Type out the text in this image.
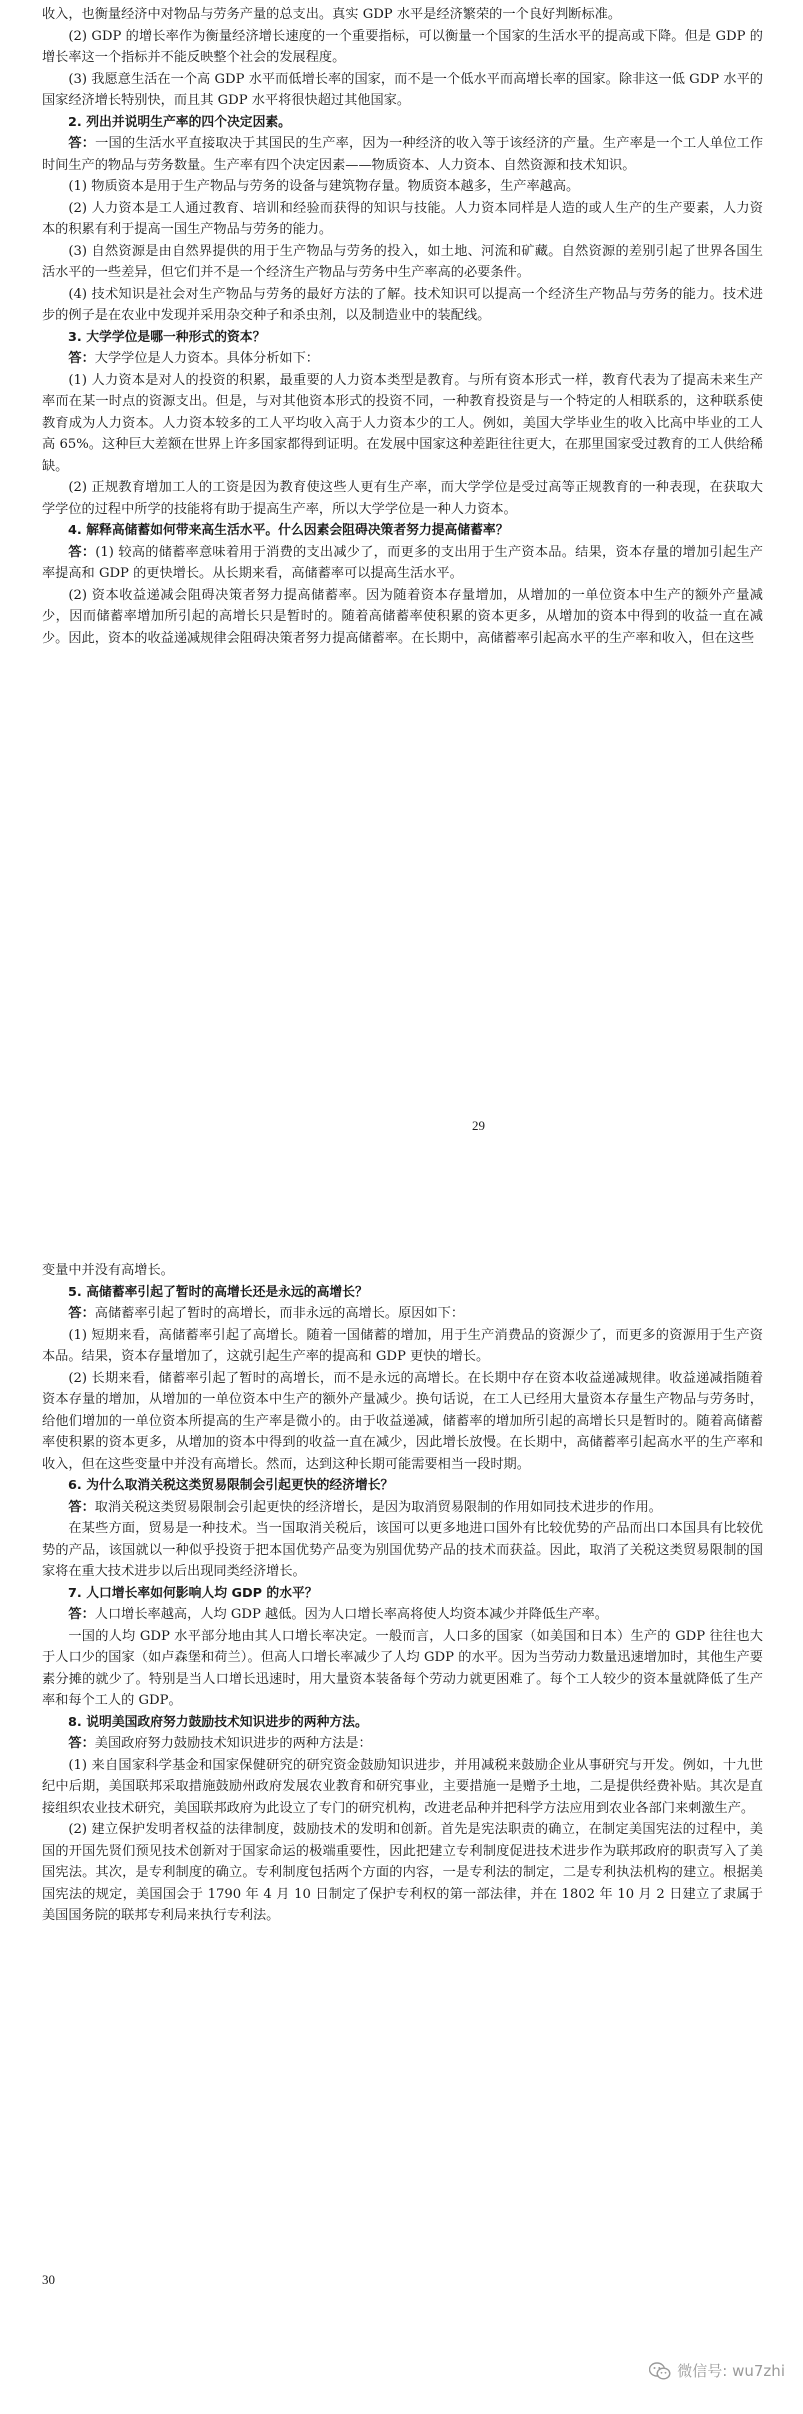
收入，也衡量经济中对物品与劳务产量的总支出。真实 GDP 水平是经济繁荣的一个良好判断标准。

(2) GDP 的增长率作为衡量经济增长速度的一个重要指标，可以衡量一个国家的生活水平的提高或下降。但是 GDP 的增长率这一个指标并不能反映整个社会的发展程度。

(3) 我愿意生活在一个高 GDP 水平而低增长率的国家，而不是一个低水平而高增长率的国家。除非这一低 GDP 水平的国家经济增长特别快，而且其 GDP 水平将很快超过其他国家。

2. 列出并说明生产率的四个决定因素。

答：一国的生活水平直接取决于其国民的生产率，因为一种经济的收入等于该经济的产量。生产率是一个工人单位工作时间生产的物品与劳务数量。生产率有四个决定因素——物质资本、人力资本、自然资源和技术知识。

(1) 物质资本是用于生产物品与劳务的设备与建筑物存量。物质资本越多，生产率越高。

(2) 人力资本是工人通过教育、培训和经验而获得的知识与技能。人力资本同样是人造的或人生产的生产要素，人力资本的积累有利于提高一国生产物品与劳务的能力。

(3) 自然资源是由自然界提供的用于生产物品与劳务的投入，如土地、河流和矿藏。自然资源的差别引起了世界各国生活水平的一些差异，但它们并不是一个经济生产物品与劳务中生产率高的必要条件。

(4) 技术知识是社会对生产物品与劳务的最好方法的了解。技术知识可以提高一个经济生产物品与劳务的能力。技术进步的例子是在农业中发现并采用杂交种子和杀虫剂，以及制造业中的装配线。

3. 大学学位是哪一种形式的资本？

答：大学学位是人力资本。具体分析如下：

(1) 人力资本是对人的投资的积累，最重要的人力资本类型是教育。与所有资本形式一样，教育代表为了提高未来生产率而在某一时点的资源支出。但是，与对其他资本形式的投资不同，一种教育投资是与一个特定的人相联系的，这种联系使教育成为人力资本。人力资本较多的工人平均收入高于人力资本少的工人。例如，美国大学毕业生的收入比高中毕业的工人高 65%。这种巨大差额在世界上许多国家都得到证明。在发展中国家这种差距往往更大，在那里国家受过教育的工人供给稀缺。

(2) 正规教育增加工人的工资是因为教育使这些人更有生产率，而大学学位是受过高等正规教育的一种表现，在获取大学学位的过程中所学的技能将有助于提高生产率，所以大学学位是一种人力资本。

4. 解释高储蓄如何带来高生活水平。什么因素会阻碍决策者努力提高储蓄率？

答：(1) 较高的储蓄率意味着用于消费的支出减少了，而更多的支出用于生产资本品。结果，资本存量的增加引起生产率提高和 GDP 的更快增长。从长期来看，高储蓄率可以提高生活水平。

(2) 资本收益递减会阻碍决策者努力提高储蓄率。因为随着资本存量增加，从增加的一单位资本中生产的额外产量减少，因而储蓄率增加所引起的高增长只是暂时的。随着高储蓄率使积累的资本更多，从增加的资本中得到的收益一直在减少。因此，资本的收益递减规律会阻碍决策者努力提高储蓄率。在长期中，高储蓄率引起高水平的生产率和收入，但在这些

29

变量中并没有高增长。

5. 高储蓄率引起了暂时的高增长还是永远的高增长？

答：高储蓄率引起了暂时的高增长，而非永远的高增长。原因如下：

(1) 短期来看，高储蓄率引起了高增长。随着一国储蓄的增加，用于生产消费品的资源少了，而更多的资源用于生产资本品。结果，资本存量增加了，这就引起生产率的提高和 GDP 更快的增长。

(2) 长期来看，储蓄率引起了暂时的高增长，而不是永远的高增长。在长期中存在资本收益递减规律。收益递减指随着资本存量的增加，从增加的一单位资本中生产的额外产量减少。换句话说，在工人已经用大量资本存量生产物品与劳务时，给他们增加的一单位资本所提高的生产率是微小的。由于收益递减，储蓄率的增加所引起的高增长只是暂时的。随着高储蓄率使积累的资本更多，从增加的资本中得到的收益一直在减少，因此增长放慢。在长期中，高储蓄率引起高水平的生产率和收入，但在这些变量中并没有高增长。然而，达到这种长期可能需要相当一段时期。

6. 为什么取消关税这类贸易限制会引起更快的经济增长？

答：取消关税这类贸易限制会引起更快的经济增长，是因为取消贸易限制的作用如同技术进步的作用。

在某些方面，贸易是一种技术。当一国取消关税后，该国可以更多地进口国外有比较优势的产品而出口本国具有比较优势的产品，该国就以一种似乎投资于把本国优势产品变为别国优势产品的技术而获益。因此，取消了关税这类贸易限制的国家将在重大技术进步以后出现同类经济增长。

7. 人口增长率如何影响人均 GDP 的水平？

答：人口增长率越高，人均 GDP 越低。因为人口增长率高将使人均资本减少并降低生产率。

一国的人均 GDP 水平部分地由其人口增长率决定。一般而言，人口多的国家（如美国和日本）生产的 GDP 往往也大于人口少的国家（如卢森堡和荷兰）。但高人口增长率减少了人均 GDP 的水平。因为当劳动力数量迅速增加时，其他生产要素分摊的就少了。特别是当人口增长迅速时，用大量资本装备每个劳动力就更困难了。每个工人较少的资本量就降低了生产率和每个工人的 GDP。

8. 说明美国政府努力鼓励技术知识进步的两种方法。

答：美国政府努力鼓励技术知识进步的两种方法是：

(1) 来自国家科学基金和国家保健研究的研究资金鼓励知识进步，并用减税来鼓励企业从事研究与开发。例如，十九世纪中后期，美国联邦采取措施鼓励州政府发展农业教育和研究事业，主要措施一是赠予土地，二是提供经费补贴。其次是直接组织农业技术研究，美国联邦政府为此设立了专门的研究机构，改进老品种并把科学方法应用到农业各部门来刺激生产。

(2) 建立保护发明者权益的法律制度，鼓励技术的发明和创新。首先是宪法职责的确立，在制定美国宪法的过程中，美国的开国先贤们预见技术创新对于国家命运的极端重要性，因此把建立专利制度促进技术进步作为联邦政府的职责写入了美国宪法。其次，是专利制度的确立。专利制度包括两个方面的内容，一是专利法的制定，二是专利执法机构的建立。根据美国宪法的规定，美国国会于 1790 年 4 月 10 日制定了保护专利权的第一部法律，并在 1802 年 10 月 2 日建立了隶属于美国国务院的联邦专利局来执行专利法。

30
微信号: wu7zhi
